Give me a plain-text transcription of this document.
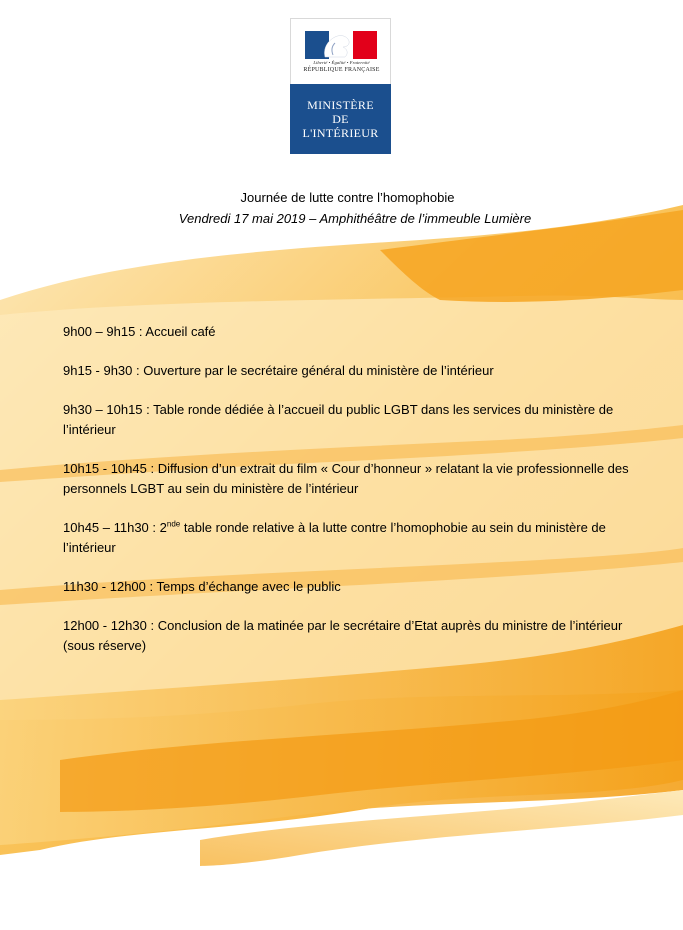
Liberté • Égalité • Fraternité
RÉPUBLIQUE FRANÇAISE
MINISTÈRE
DE
L'INTÉRIEUR
Journée de lutte contre l’homophobie
Vendredi 17 mai 2019 – Amphithéâtre de l’immeuble Lumière
9h00 – 9h15 : Accueil café
9h15 - 9h30 : Ouverture par le secrétaire général du ministère de l’intérieur
9h30 – 10h15 : Table ronde dédiée à l’accueil du public LGBT dans les services du ministère de l’intérieur
10h15 - 10h45 : Diffusion d’un extrait du film « Cour d’honneur » relatant la vie professionnelle des personnels LGBT au sein du ministère de l’intérieur
10h45 – 11h30 : 2nde table ronde relative à la lutte contre l’homophobie au sein du ministère de l’intérieur
11h30 - 12h00 : Temps d’échange avec le public
12h00 - 12h30 : Conclusion de la matinée par le secrétaire d’Etat auprès du ministre de l’intérieur (sous réserve)
